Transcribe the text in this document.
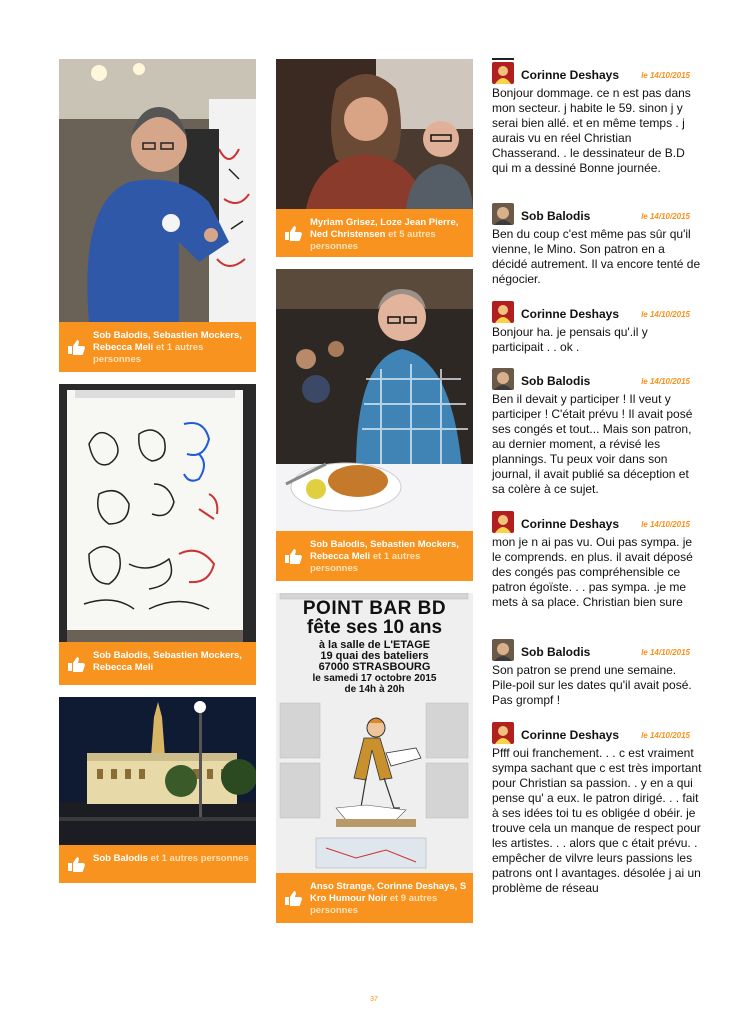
Sob Balodis, Sebastien Mockers, Rebecca Meli et 1 autres personnes
Sob Balodis, Sebastien Mockers, Rebecca Meli
Sob Balodis et 1 autres personnes
Myriam Grisez, Loze Jean Pierre, Ned Christensen et 5 autres personnes
Sob Balodis, Sebastien Mockers, Rebecca Meli et 1 autres personnes
POINT BAR BD
fête ses 10 ans
à la salle de L'ETAGE
19 quai des bateliers
67000 STRASBOURG
le samedi 17 octobre 2015
de 14h à 20h
Anso Strange, Corinne Deshays, S Kro Humour Noir et 9 autres personnes
Corinne Deshays	le 14/10/2015
Bonjour dommage. ce n est pas dans mon secteur. j habite le 59. sinon j y serai bien allé. et en même temps . j aurais vu en réel Christian Chasserand. . le dessinateur de B.D qui m a dessiné Bonne journée.
Sob Balodis	le 14/10/2015
Ben du coup c'est même pas sûr qu'il vienne, le Mino. Son patron en a décidé autrement. Il va encore tenté de négocier.
Corinne Deshays	le 14/10/2015
Bonjour ha. je pensais qu'.il y participait . . ok .
Sob Balodis	le 14/10/2015
Ben il devait y participer ! Il veut y participer ! C'était prévu ! Il avait posé ses congés et tout... Mais son patron, au dernier moment, a révisé les plannings. Tu peux voir dans son journal, il avait publié sa déception et sa colère à ce sujet.
Corinne Deshays	le 14/10/2015
mon je n ai pas vu. Oui pas sympa. je le comprends. en plus. il avait déposé des congés pas compréhensible ce patron égoïste. . . pas sympa. .je me mets à sa place. Christian bien sure
Sob Balodis	le 14/10/2015
Son patron se prend une semaine. Pile-poil sur les dates qu'il avait posé. Pas grompf !
Corinne Deshays	le 14/10/2015
Pfff oui franchement. . . c est vraiment sympa sachant que c est très important pour Christian sa passion. . y en a qui pense qu' a eux. le patron dirigé. . . fait à ses idées toi tu es obligée d obéir. je trouve cela un manque de respect pour les artistes. . . alors que c était prévu. . empêcher de vilvre leurs passions les patrons ont l avantages. désolée j ai un problème de réseau
37
